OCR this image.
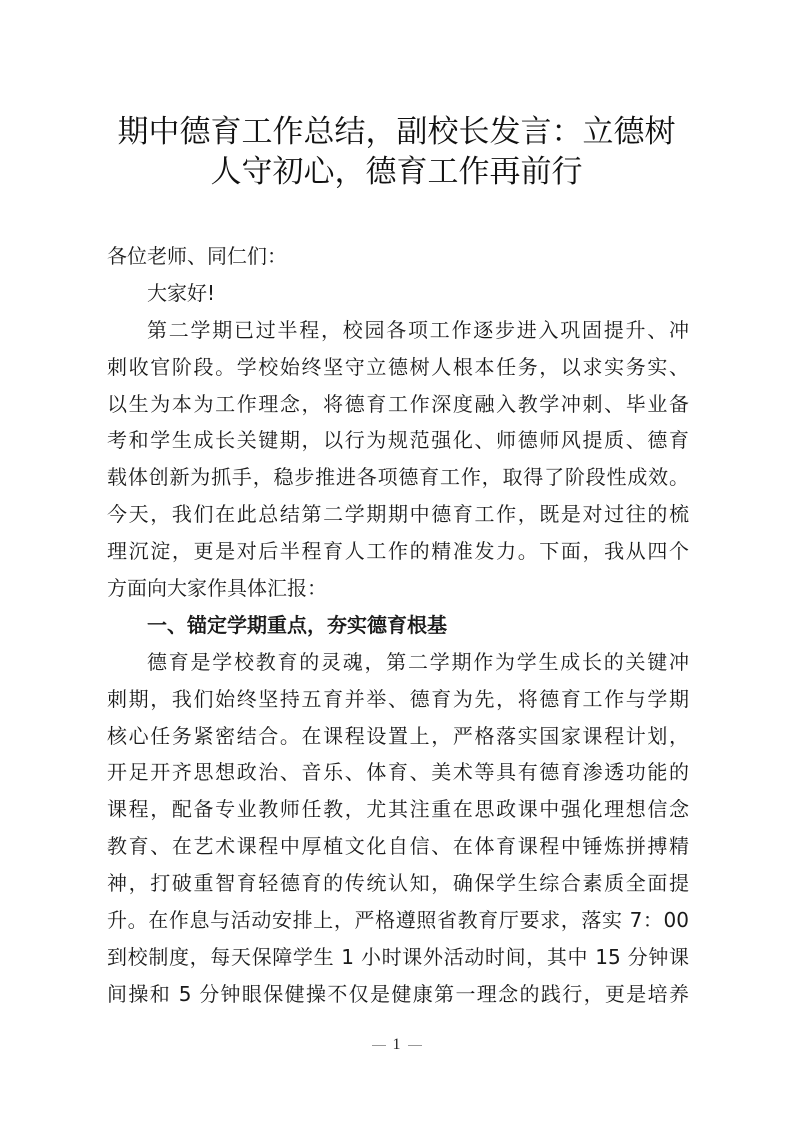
期中德育工作总结，副校长发言：立德树
人守初心，德育工作再前行
各位老师、同仁们：
大家好!
第二学期已过半程，校园各项工作逐步进入巩固提升、冲
刺收官阶段。学校始终坚守立德树人根本任务，以求实务实、
以生为本为工作理念，将德育工作深度融入教学冲刺、毕业备
考和学生成长关键期，以行为规范强化、师德师风提质、德育
载体创新为抓手，稳步推进各项德育工作，取得了阶段性成效。
今天，我们在此总结第二学期期中德育工作，既是对过往的梳
理沉淀，更是对后半程育人工作的精准发力。下面，我从四个
方面向大家作具体汇报：
一、锚定学期重点，夯实德育根基
德育是学校教育的灵魂，第二学期作为学生成长的关键冲
刺期，我们始终坚持五育并举、德育为先，将德育工作与学期
核心任务紧密结合。在课程设置上，严格落实国家课程计划，
开足开齐思想政治、音乐、体育、美术等具有德育渗透功能的
课程，配备专业教师任教，尤其注重在思政课中强化理想信念
教育、在艺术课程中厚植文化自信、在体育课程中锤炼拼搏精
神，打破重智育轻德育的传统认知，确保学生综合素质全面提
升。在作息与活动安排上，严格遵照省教育厅要求，落实 7：00
到校制度，每天保障学生 1 小时课外活动时间，其中 15 分钟课
间操和 5 分钟眼保健操不仅是健康第一理念的践行，更是培养
1
